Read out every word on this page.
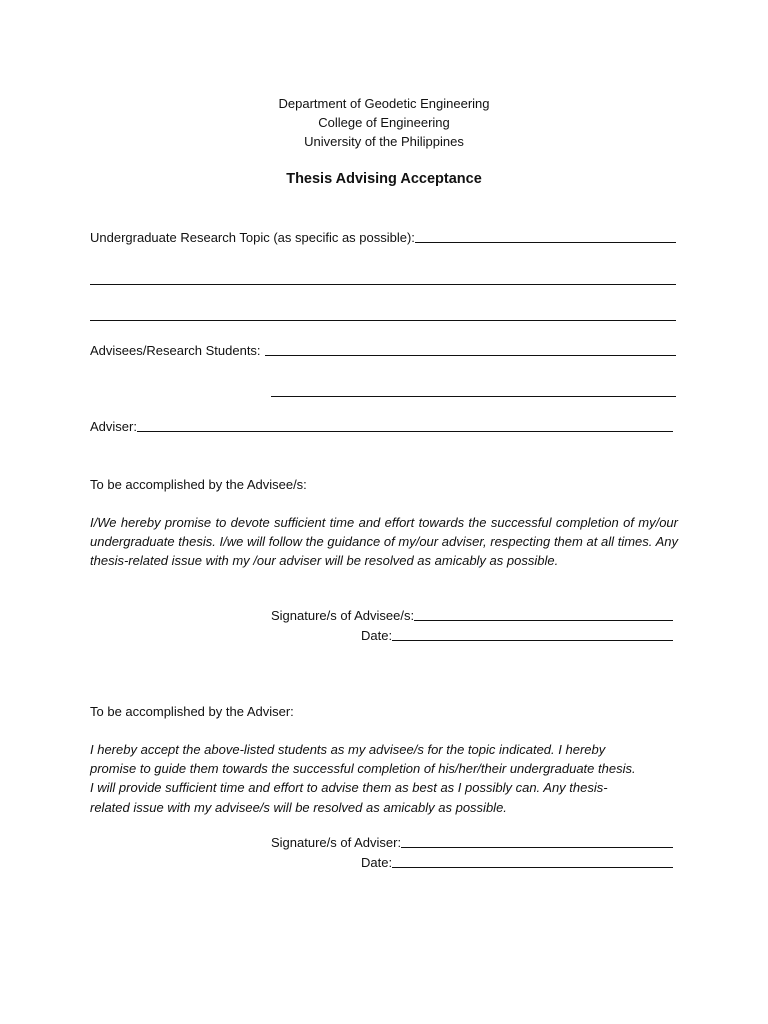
Department of Geodetic Engineering
College of Engineering
University of the Philippines
Thesis Advising Acceptance
Undergraduate Research Topic (as specific as possible):
Advisees/Research Students:
Adviser:
To be accomplished by the Advisee/s:
I/We hereby promise to devote sufficient time and effort towards the successful completion of my/our undergraduate thesis. I/we will follow the guidance of my/our adviser, respecting them at all times. Any thesis-related issue with my /our adviser will be resolved as amicably as possible.
Signature/s of Advisee/s:
Date:
To be accomplished by the Adviser:
I hereby accept the above-listed students as my advisee/s for the topic indicated. I hereby
promise to guide them towards the successful completion of his/her/their undergraduate thesis.
I will provide sufficient time and effort to advise them as best as I possibly can. Any thesis-
related issue with my advisee/s will be resolved as amicably as possible.
Signature/s of Adviser:
Date:
